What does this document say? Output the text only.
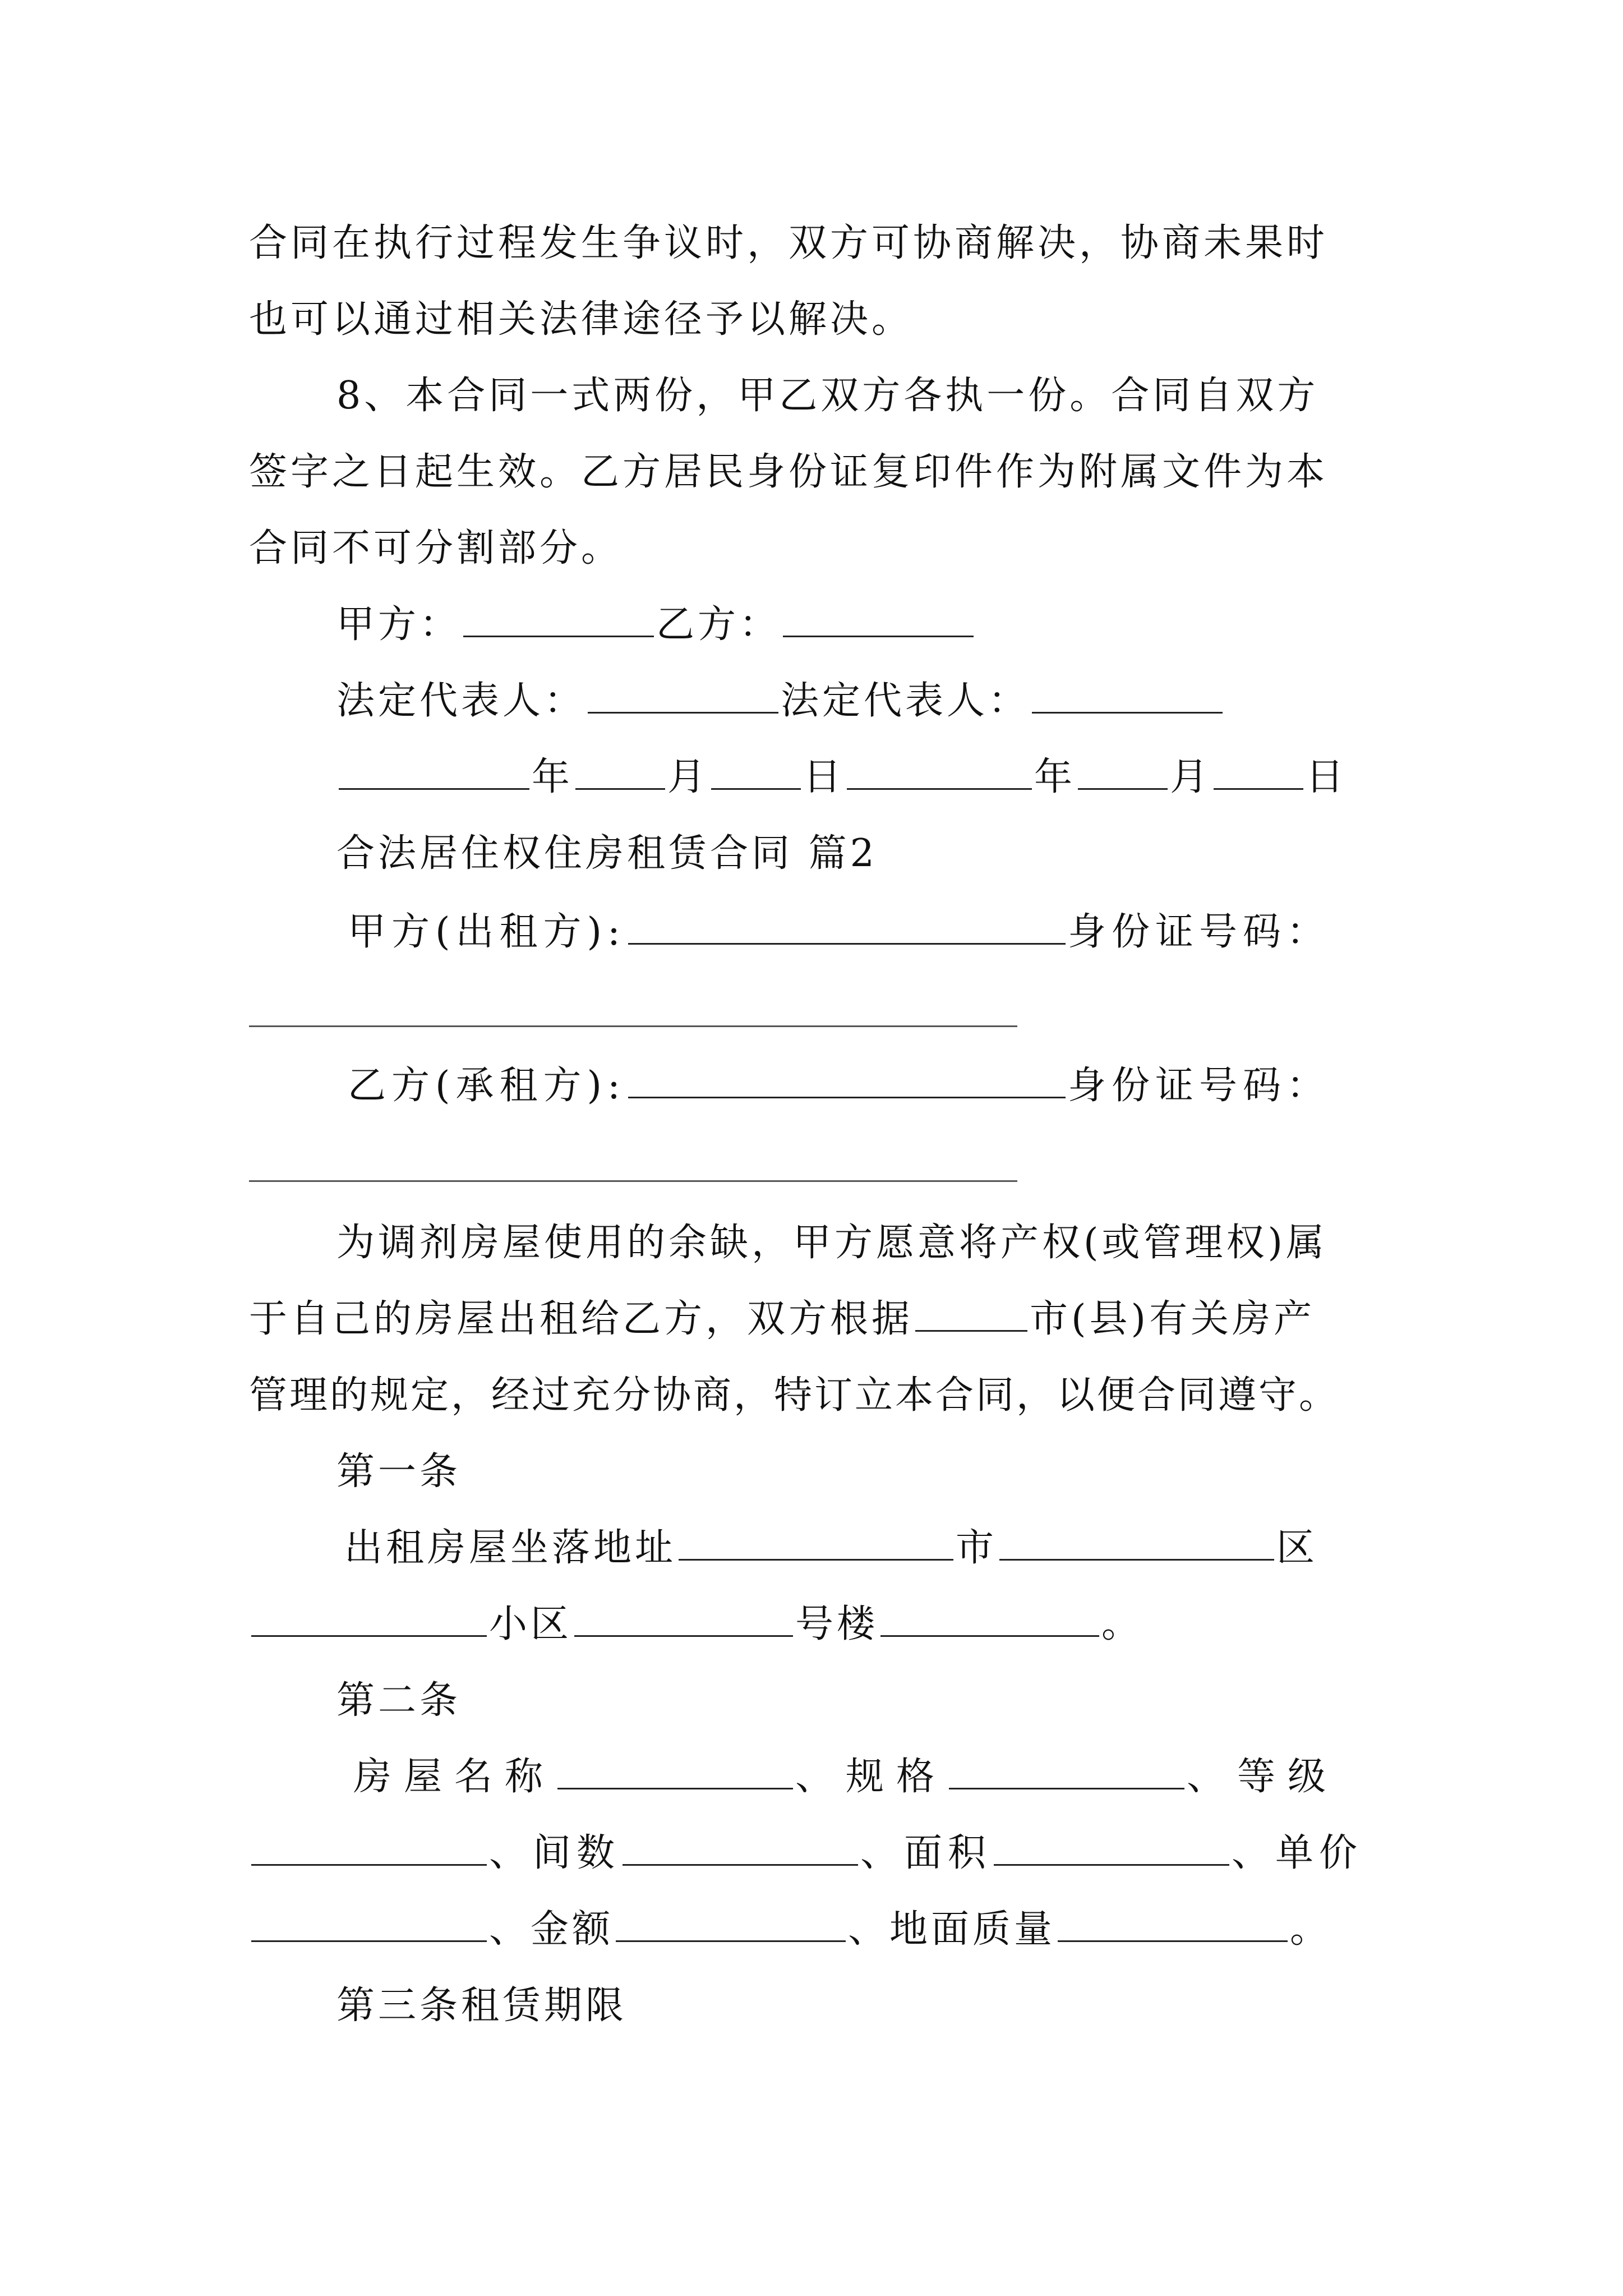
合同在执行过程发生争议时，双方可协商解决，协商未果时
也可以通过相关法律途径予以解决。
8、本合同一式两份，甲乙双方各执一份。合同自双方
签字之日起生效。乙方居民身份证复印件作为附属文件为本
合同不可分割部分。
甲方：	乙方：
法定代表人：	法定代表人：
年 月 日	年 月 日
合法居住权住房租赁合同 篇2
甲方(出租方):	身份证号码：
乙方(承租方):	身份证号码：
为调剂房屋使用的余缺，甲方愿意将产权(或管理权)属
于自己的房屋出租给乙方，双方根据	市(县)有关房产
管理的规定，经过充分协商，特订立本合同，以便合同遵守。
第一条
出租房屋坐落地址	市	区
小区	号楼	。
第二条
房屋名称	、规格	、等级
、间数	、面积	、单价
、金额	、地面质量	。
第三条租赁期限
